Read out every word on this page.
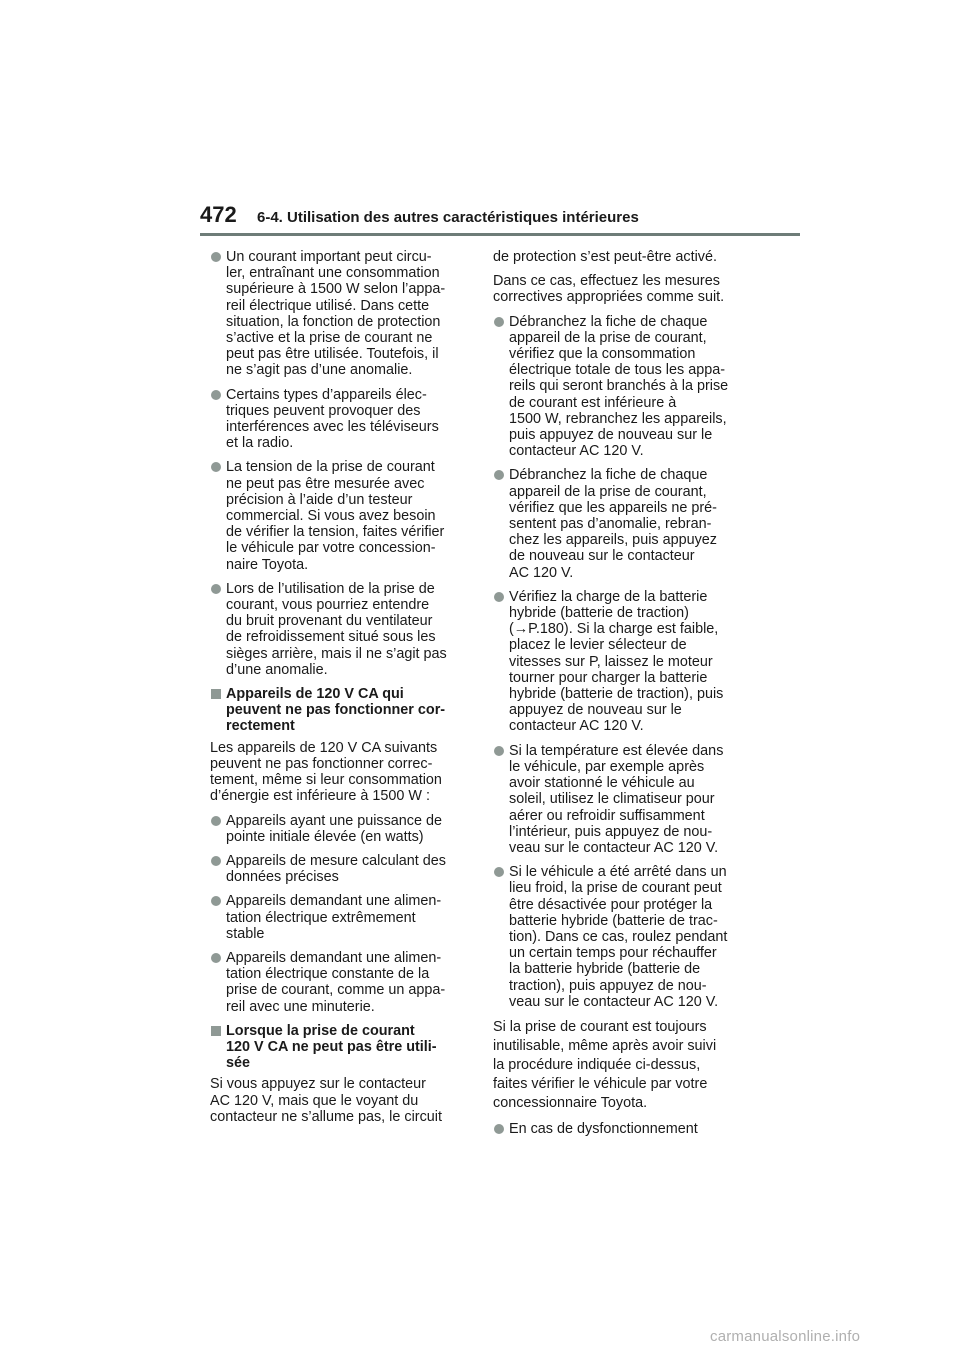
472 6-4. Utilisation des autres caractéristiques intérieures
Un courant important peut circu-
ler, entraînant une consommation
supérieure à 1500 W selon l’appa-
reil électrique utilisé. Dans cette
situation, la fonction de protection
s’active et la prise de courant ne
peut pas être utilisée. Toutefois, il
ne s’agit pas d’une anomalie.
Certains types d’appareils élec-
triques peuvent provoquer des
interférences avec les téléviseurs
et la radio.
La tension de la prise de courant
ne peut pas être mesurée avec
précision à l’aide d’un testeur
commercial. Si vous avez besoin
de vérifier la tension, faites vérifier
le véhicule par votre concession-
naire Toyota.
Lors de l’utilisation de la prise de
courant, vous pourriez entendre
du bruit provenant du ventilateur
de refroidissement situé sous les
sièges arrière, mais il ne s’agit pas
d’une anomalie.
Appareils de 120 V CA qui
peuvent ne pas fonctionner cor-
rectement
Les appareils de 120 V CA suivants
peuvent ne pas fonctionner correc-
tement, même si leur consommation
d’énergie est inférieure à 1500 W :
Appareils ayant une puissance de
pointe initiale élevée (en watts)
Appareils de mesure calculant des
données précises
Appareils demandant une alimen-
tation électrique extrêmement
stable
Appareils demandant une alimen-
tation électrique constante de la
prise de courant, comme un appa-
reil avec une minuterie.
Lorsque la prise de courant
120 V CA ne peut pas être utili-
sée
Si vous appuyez sur le contacteur
AC 120 V, mais que le voyant du
contacteur ne s’allume pas, le circuit
de protection s’est peut-être activé.
Dans ce cas, effectuez les mesures
correctives appropriées comme suit.
Débranchez la fiche de chaque
appareil de la prise de courant,
vérifiez que la consommation
électrique totale de tous les appa-
reils qui seront branchés à la prise
de courant est inférieure à
1500 W, rebranchez les appareils,
puis appuyez de nouveau sur le
contacteur AC 120 V.
Débranchez la fiche de chaque
appareil de la prise de courant,
vérifiez que les appareils ne pré-
sentent pas d’anomalie, rebran-
chez les appareils, puis appuyez
de nouveau sur le contacteur
AC 120 V.
Vérifiez la charge de la batterie
hybride (batterie de traction)
(→P.180). Si la charge est faible,
placez le levier sélecteur de
vitesses sur P, laissez le moteur
tourner pour charger la batterie
hybride (batterie de traction), puis
appuyez de nouveau sur le
contacteur AC 120 V.
Si la température est élevée dans
le véhicule, par exemple après
avoir stationné le véhicule au
soleil, utilisez le climatiseur pour
aérer ou refroidir suffisamment
l’intérieur, puis appuyez de nou-
veau sur le contacteur AC 120 V.
Si le véhicule a été arrêté dans un
lieu froid, la prise de courant peut
être désactivée pour protéger la
batterie hybride (batterie de trac-
tion). Dans ce cas, roulez pendant
un certain temps pour réchauffer
la batterie hybride (batterie de
traction), puis appuyez de nou-
veau sur le contacteur AC 120 V.
Si la prise de courant est toujours
inutilisable, même après avoir suivi
la procédure indiquée ci-dessus,
faites vérifier le véhicule par votre
concessionnaire Toyota.
En cas de dysfonctionnement
carmanualsonline.info
